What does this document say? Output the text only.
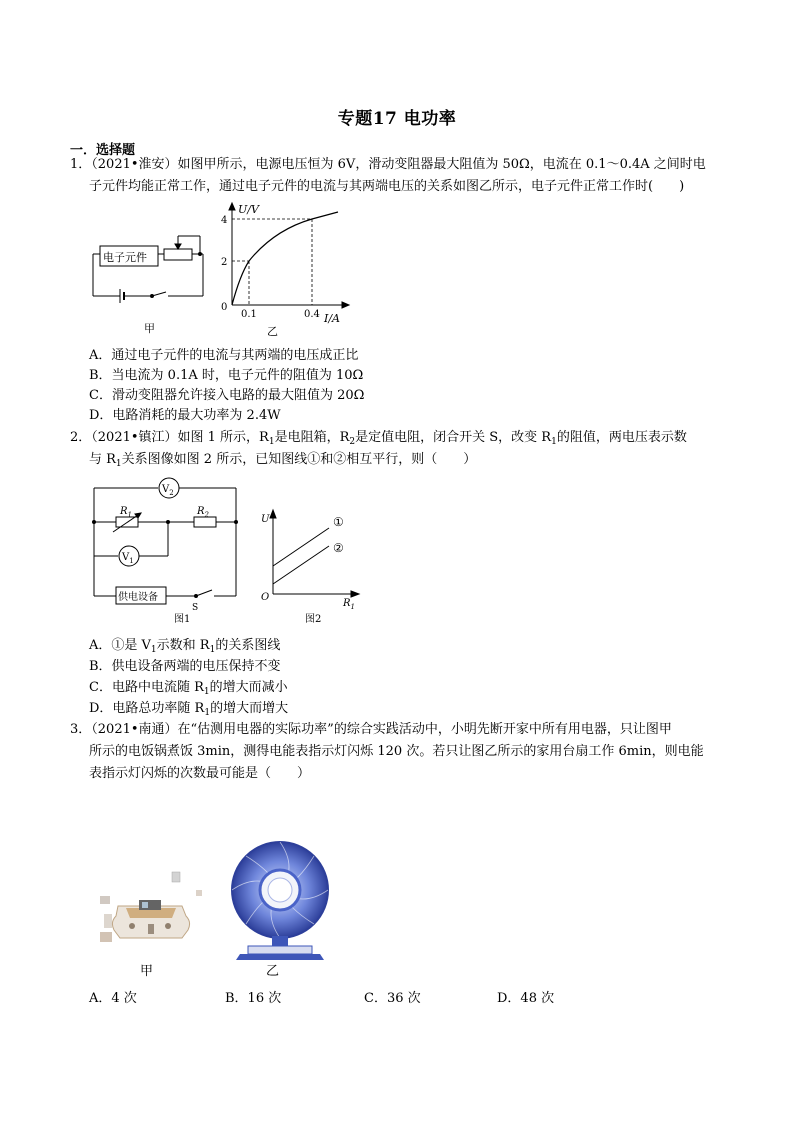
专题17 电功率
一．选择题
1．（2021•淮安）如图甲所示，电源电压恒为 6V，滑动变阻器最大阻值为 50Ω，电流在 0.1～0.4A 之间时电
子元件均能正常工作，通过电子元件的电流与其两端电压的关系如图乙所示，电子元件正常工作时(　　)
电子元件
甲
U/V
4
2
0
0.1	0.4 I/A
乙
A．通过电子元件的电流与其两端的电压成正比
B．当电流为 0.1A 时，电子元件的阻值为 10Ω
C．滑动变阻器允许接入电路的最大阻值为 20Ω
D．电路消耗的最大功率为 2.4W
2．（2021•镇江）如图 1 所示，$R_1$是电阻箱，$R_2$是定值电阻，闭合开关 S，改变 $R_1$的阻值，两电压表示数
与 $R_1$关系图像如图 2 所示，已知图线①和②相互平行，则（　　）
$V_2$
$V_1$
$R_1$	$R_2$
供电设备
S
图1
U	①
②
O
$R_1$
图2
A．①是 $V_1$示数和 $R_1$的关系图线
B．供电设备两端的电压保持不变
C．电路中电流随 $R_1$的增大而减小
D．电路总功率随 $R_1$的增大而增大
3．（2021•南通）在“估测用电器的实际功率”的综合实践活动中，小明先断开家中所有用电器，只让图甲
所示的电饭锅煮饭 3min，测得电能表指示灯闪烁 120 次。若只让图乙所示的家用台扇工作 6min，则电能
表指示灯闪烁的次数最可能是（　　）
甲	乙
A．4 次	B．16 次	C．36 次	D．48 次
